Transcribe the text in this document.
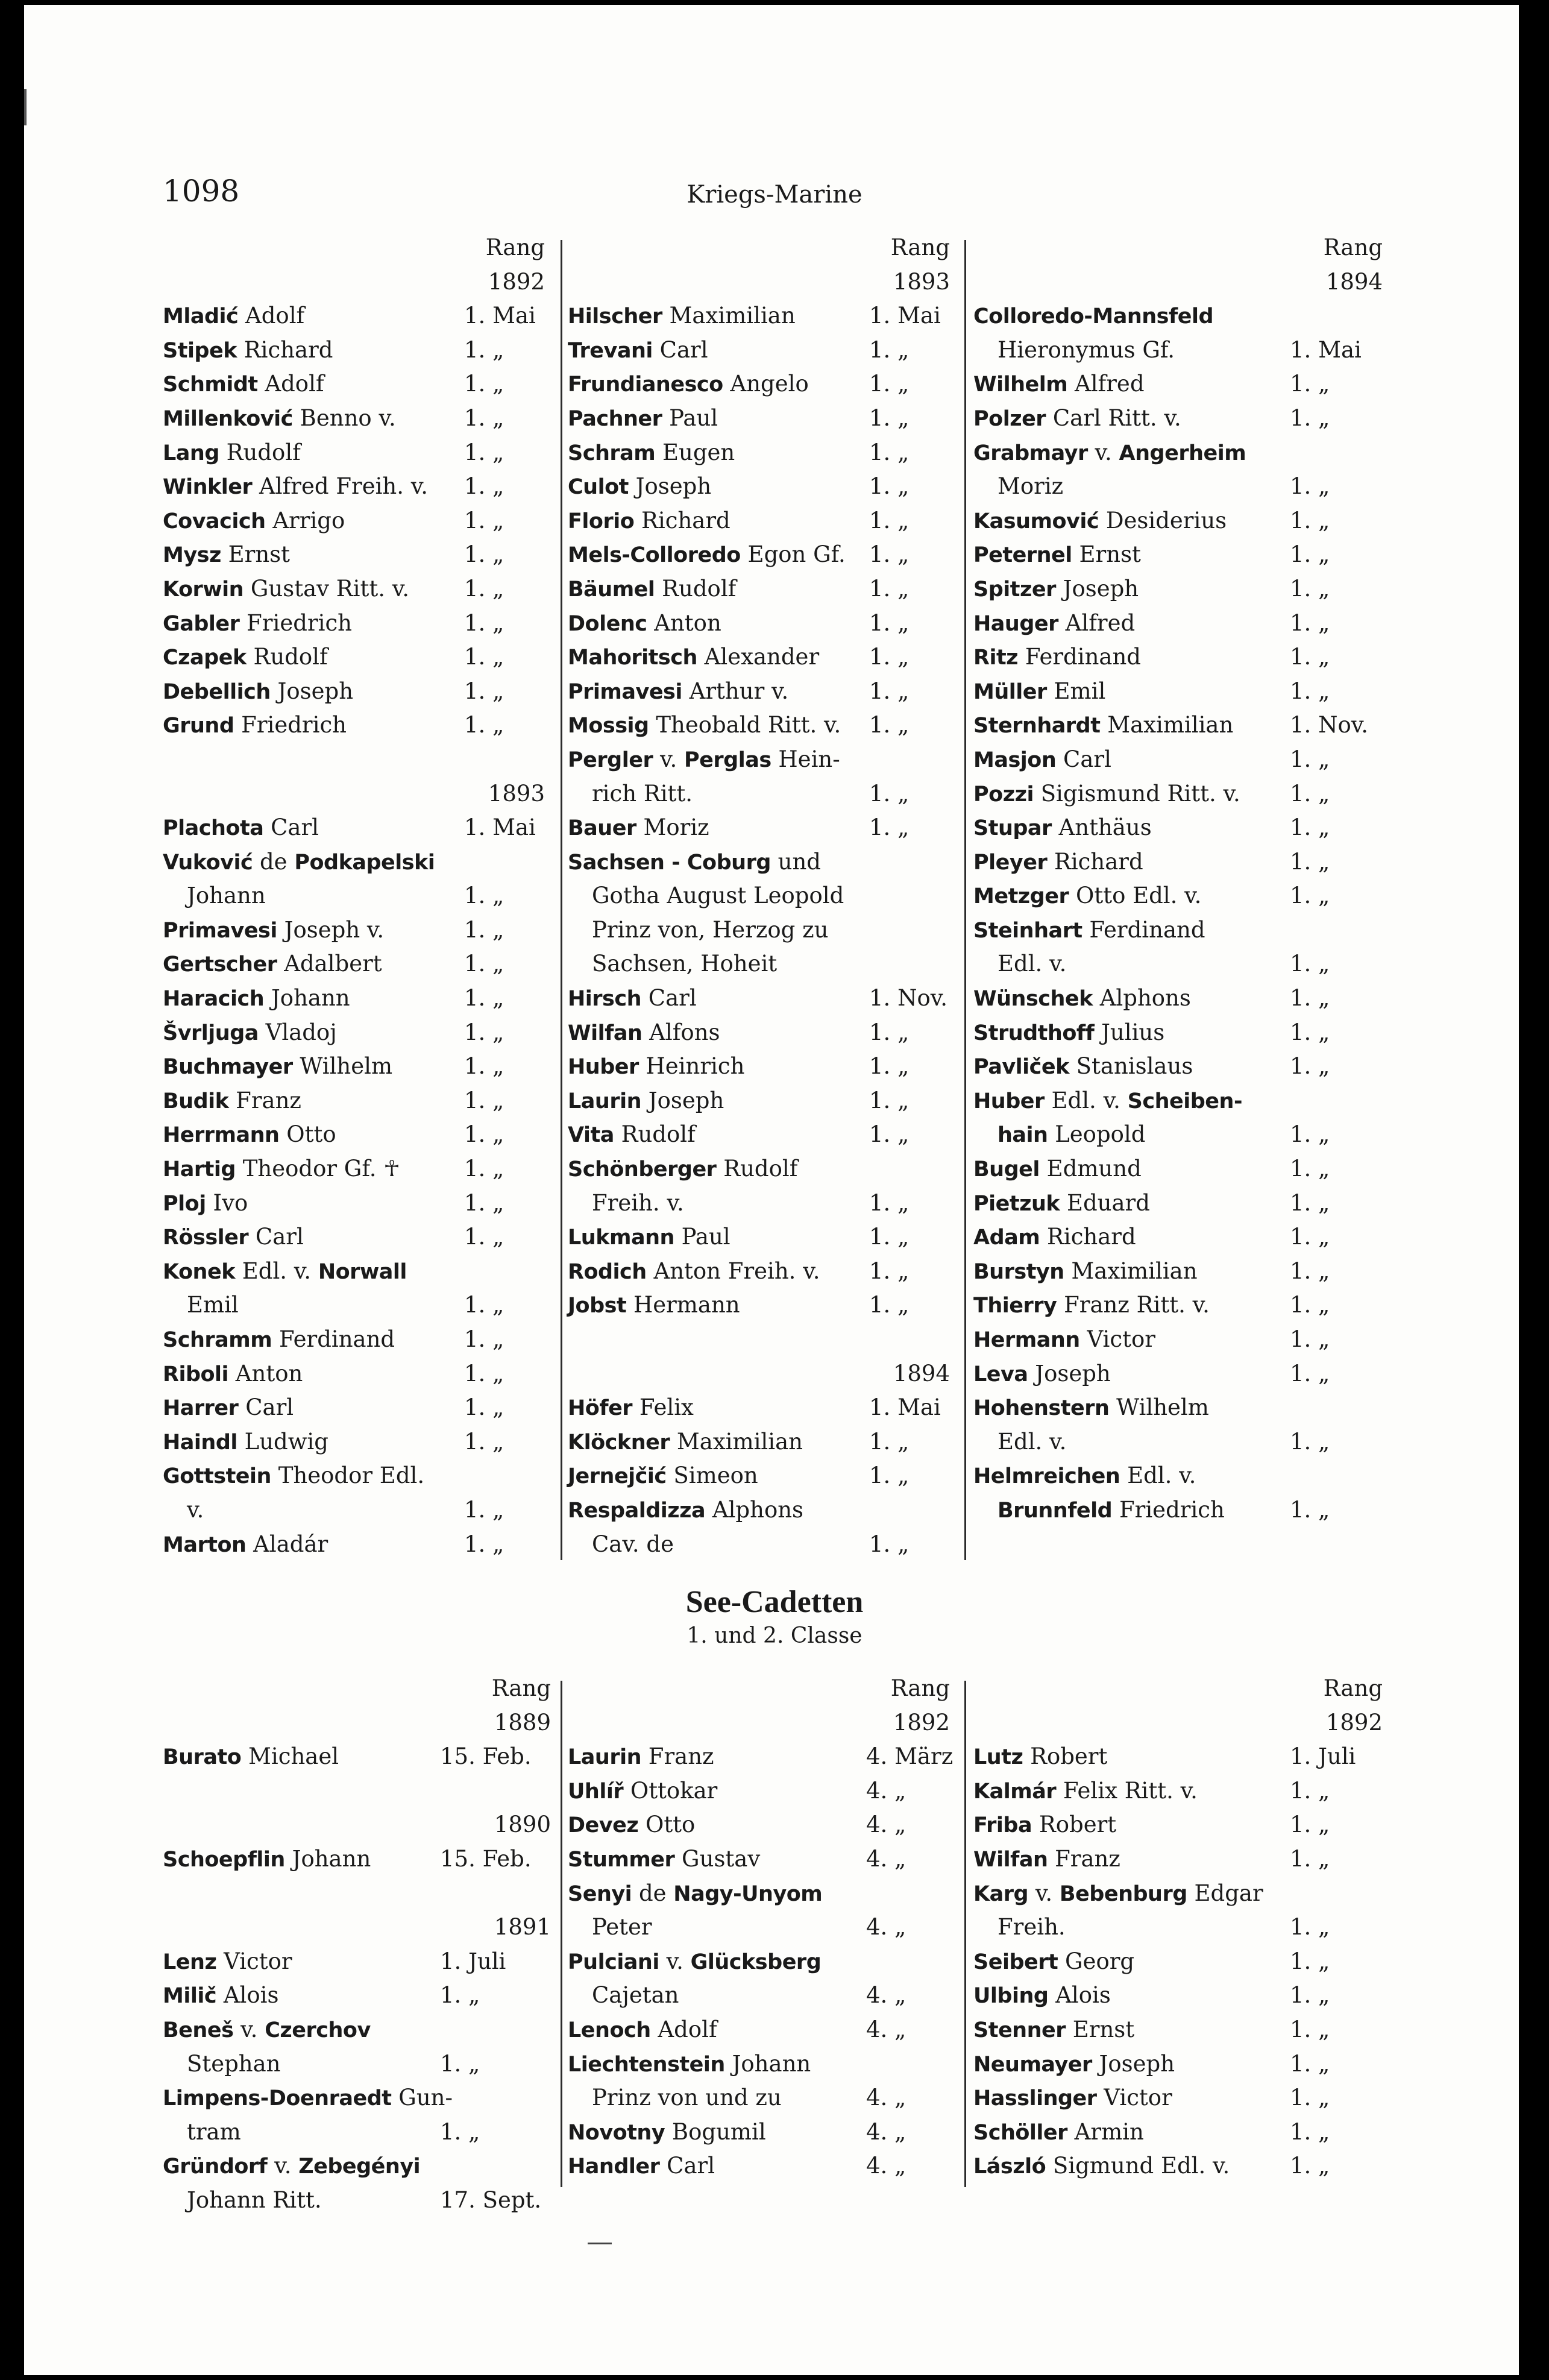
1098	Kriegs-Marine
Rang
1892
Mladić Adolf	1. Mai
Stipek Richard	1. „
Schmidt Adolf	1. „
Millenković Benno v.	1. „
Lang Rudolf	1. „
Winkler Alfred Freih. v. 1. „
Covacich Arrigo	1. „
Mysz Ernst	1. „
Korwin Gustav Ritt. v. 1. „
Gabler Friedrich	1. „
Czapek Rudolf	1. „
Debellich Joseph	1. „
Grund Friedrich	1. „
1893
Plachota Carl	1. Mai
Vuković de Podkapelski
Johann	1. „
Primavesi Joseph v.	1. „
Gertscher Adalbert	1. „
Haracich Johann	1. „
Švrljuga Vladoj	1. „
Buchmayer Wilhelm	1. „
Budik Franz	1. „
Herrmann Otto	1. „
Hartig Theodor Gf. ☥	1. „
Ploj Ivo	1. „
Rössler Carl	1. „
Konek Edl. v. Norwall
Emil	1. „
Schramm Ferdinand	1. „
Riboli Anton	1. „
Harrer Carl	1. „
Haindl Ludwig	1. „
Gottstein Theodor Edl.
v.	1. „
Marton Aladár	1. „
Rang
1893
Hilscher Maximilian	1. Mai
Trevani Carl	1. „
Frundianesco Angelo	1. „
Pachner Paul	1. „
Schram Eugen	1. „
Culot Joseph	1. „
Florio Richard	1. „
Mels-Colloredo Egon Gf. 1. „
Bäumel Rudolf	1. „
Dolenc Anton	1. „
Mahoritsch Alexander 1. „
Primavesi Arthur v.	1. „
Mossig Theobald Ritt. v. 1. „
Pergler v. Perglas Hein-
rich Ritt.	1. „
Bauer Moriz	1. „
Sachsen - Coburg und
Gotha August Leopold
Prinz von, Herzog zu
Sachsen, Hoheit
Hirsch Carl	1. Nov.
Wilfan Alfons	1. „
Huber Heinrich	1. „
Laurin Joseph	1. „
Vita Rudolf	1. „
Schönberger Rudolf
Freih. v.	1. „
Lukmann Paul	1. „
Rodich Anton Freih. v. 1. „
Jobst Hermann	1. „
1894
Höfer Felix	1. Mai
Klöckner Maximilian	1. „
Jernejčić Simeon	1. „
Respaldizza Alphons
Cav. de	1. „
Rang
1894
Colloredo-Mannsfeld
Hieronymus Gf.	1. Mai
Wilhelm Alfred	1. „
Polzer Carl Ritt. v.	1. „
Grabmayr v. Angerheim
Moriz	1. „
Kasumović Desiderius	1. „
Peternel Ernst	1. „
Spitzer Joseph	1. „
Hauger Alfred	1. „
Ritz Ferdinand	1. „
Müller Emil	1. „
Sternhardt Maximilian	1. Nov.
Masjon Carl	1. „
Pozzi Sigismund Ritt. v. 1. „
Stupar Anthäus	1. „
Pleyer Richard	1. „
Metzger Otto Edl. v.	1. „
Steinhart Ferdinand
Edl. v.	1. „
Wünschek Alphons	1. „
Strudthoff Julius	1. „
Pavliček Stanislaus	1. „
Huber Edl. v. Scheiben-
hain Leopold	1. „
Bugel Edmund	1. „
Pietzuk Eduard	1. „
Adam Richard	1. „
Burstyn Maximilian	1. „
Thierry Franz Ritt. v.	1. „
Hermann Victor	1. „
Leva Joseph	1. „
Hohenstern Wilhelm
Edl. v.	1. „
Helmreichen Edl. v.
Brunnfeld Friedrich	1. „
See-Cadetten
1. und 2. Classe
Rang
1889
Burato Michael	15. Feb.
1890
Schoepflin Johann	15. Feb.
1891
Lenz Victor	1. Juli
Milič Alois	1. „
Beneš v. Czerchov
Stephan	1. „
Limpens-Doenraedt Gun-
tram	1. „
Gründorf v. Zebegényi
Johann Ritt.	17. Sept.
Rang
1892
Laurin Franz	4. März
Uhlíř Ottokar	4. „
Devez Otto	4. „
Stummer Gustav	4. „
Senyi de Nagy-Unyom
Peter	4. „
Pulciani v. Glücksberg
Cajetan	4. „
Lenoch Adolf	4. „
Liechtenstein Johann
Prinz von und zu	4. „
Novotny Bogumil	4. „
Handler Carl	4. „
Rang
1892
Lutz Robert	1. Juli
Kalmár Felix Ritt. v.	1. „
Friba Robert	1. „
Wilfan Franz	1. „
Karg v. Bebenburg Edgar
Freih.	1. „
Seibert Georg	1. „
Ulbing Alois	1. „
Stenner Ernst	1. „
Neumayer Joseph	1. „
Hasslinger Victor	1. „
Schöller Armin	1. „
László Sigmund Edl. v.	1. „
